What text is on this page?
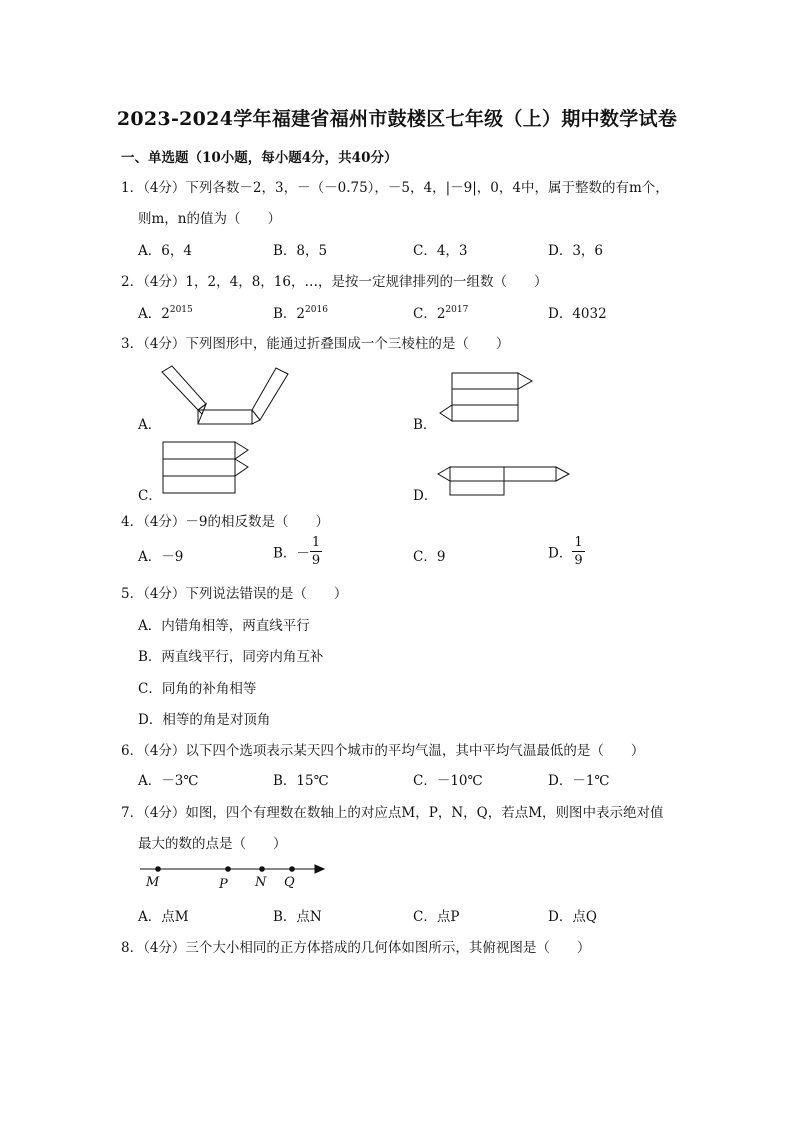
2023-2024学年福建省福州市鼓楼区七年级（上）期中数学试卷
一、单选题（10小题，每小题4分，共40分）
1．（4分）下列各数－2，3，－（－0.75），－5，4，|－9|，0，4中，属于整数的有m个，
则m，n的值为（　　）
A．6，4	B．8，5	C．4，3	D．3，6
2．（4分）1，2，4，8，16，…，是按一定规律排列的一组数（　　）
A．$2^{2015}$	B．$2^{2016}$	C．$2^{2017}$	D．4032
3．（4分）下列图形中，能通过折叠围成一个三棱柱的是（　　）
A．	B．
C．	D．
4．（4分）－9的相反数是（　　）
A．－9	B．－ $\frac{1}{9}$	C．9	D． $\frac{1}{9}$
5．（4分）下列说法错误的是（　　）
A．内错角相等，两直线平行
B．两直线平行，同旁内角互补
C．同角的补角相等
D．相等的角是对顶角
6．（4分）以下四个选项表示某天四个城市的平均气温，其中平均气温最低的是（　　）
A．－3℃	B．15℃	C．－10℃	D．－1℃
7．（4分）如图，四个有理数在数轴上的对应点M，P，N，Q，若点M，则图中表示绝对值
最大的数的点是（　　）
M	P N Q
A．点M	B．点N	C．点P	D．点Q
8．（4分）三个大小相同的正方体搭成的几何体如图所示，其俯视图是（　　）
